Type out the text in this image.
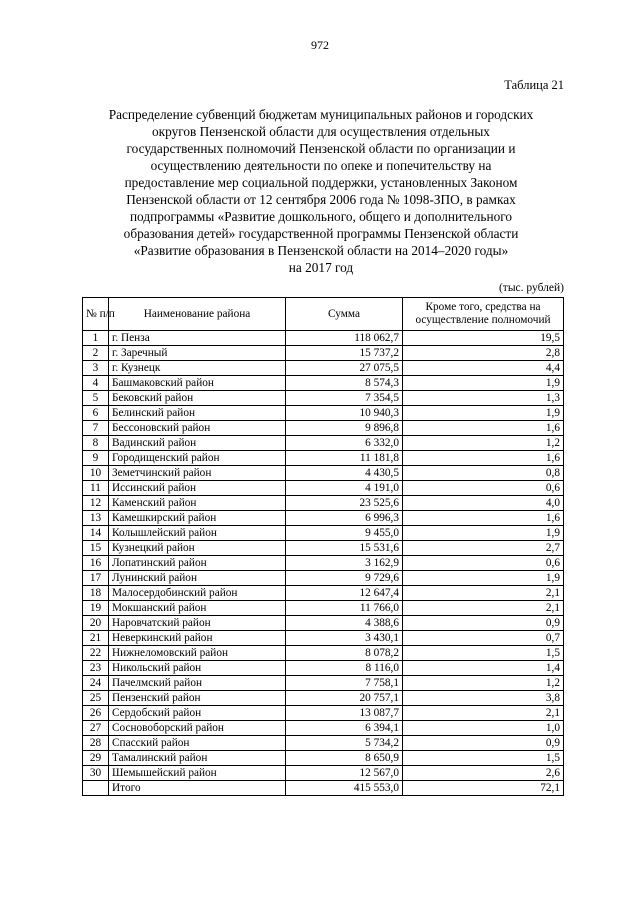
972
Таблица 21
Распределение субвенций бюджетам муниципальных районов и городских
округов Пензенской области для осуществления отдельных
государственных полномочий Пензенской области по организации и
осуществлению деятельности по опеке и попечительству на
предоставление мер социальной поддержки, установленных Законом
Пензенской области от 12 сентября 2006 года № 1098-ЗПО, в рамках
подпрограммы «Развитие дошкольного, общего и дополнительного
образования детей» государственной программы Пензенской области
«Развитие образования в Пензенской области на 2014–2020 годы»
на 2017 год
(тыс. рублей)
№ п/п	Наименование района	Сумма	Кроме того, средства на осуществление полномочий
1	г. Пенза	118 062,7	19,5
2	г. Заречный	15 737,2	2,8
3	г. Кузнецк	27 075,5	4,4
4	Башмаковский район	8 574,3	1,9
5	Бековский район	7 354,5	1,3
6	Белинский район	10 940,3	1,9
7	Бессоновский район	9 896,8	1,6
8	Вадинский район	6 332,0	1,2
9	Городищенский район	11 181,8	1,6
10	Земетчинский район	4 430,5	0,8
11	Иссинский район	4 191,0	0,6
12	Каменский район	23 525,6	4,0
13	Камешкирский район	6 996,3	1,6
14	Колышлейский район	9 455,0	1,9
15	Кузнецкий район	15 531,6	2,7
16	Лопатинский район	3 162,9	0,6
17	Лунинский район	9 729,6	1,9
18	Малосердобинский район	12 647,4	2,1
19	Мокшанский район	11 766,0	2,1
20	Наровчатский район	4 388,6	0,9
21	Неверкинский район	3 430,1	0,7
22	Нижнеломовский район	8 078,2	1,5
23	Никольский район	8 116,0	1,4
24	Пачелмский район	7 758,1	1,2
25	Пензенский район	20 757,1	3,8
26	Сердобский район	13 087,7	2,1
27	Сосновоборский район	6 394,1	1,0
28	Спасский район	5 734,2	0,9
29	Тамалинский район	8 650,9	1,5
30	Шемышейский район	12 567,0	2,6
	Итого	415 553,0	72,1
